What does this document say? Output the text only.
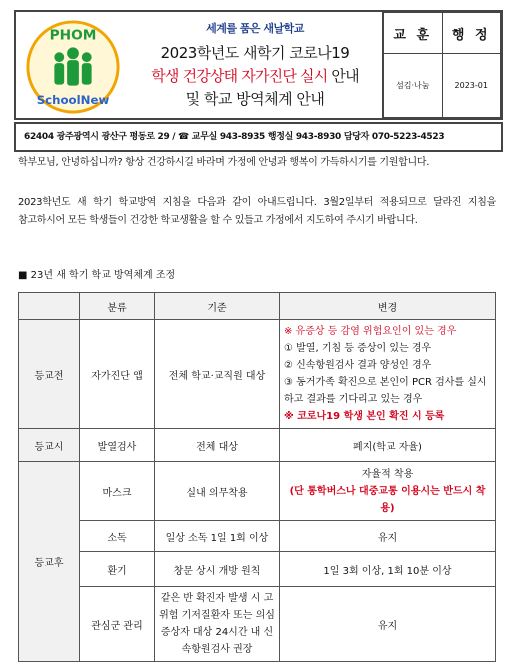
PHOM
SchoolNew
세계를 품은 새날학교
2023학년도 새학기 코로나19
학생 건강상태 자가진단 실시 안내
및 학교 방역체계 안내
교 훈	행 정
섬김·나눔	2023-01
62404 광주광역시 광산구 평동로 29 / ☎ 교무실 943-8935 행정실 943-8930 담당자 070-5223-4523
학부모님, 안녕하십니까? 항상 건강하시길 바라며 가정에 안녕과 행복이 가득하시기를 기원합니다.
2023학년도 새 학기 학교방역 지침을 다음과 같이 아내드립니다. 3월2일부터 적용되므로 달라진 지침을 참고하시어 모든 학생들이 건강한 학교생활을 할 수 있들고 가정에서 지도하여 주시기 바랍니다.
■ 23년 새 학기 학교 방역체계 조정
	분류	기준	변경
등교전	자가진단 앱	전체 학교·교직원 대상	※ 유증상 등 감염 위험요인이 있는 경우
① 발열, 기침 등 증상이 있는 경우
② 신속항원검사 결과 양성인 경우
③ 동거가족 확진으로 본인이 PCR 검사를 실시하고 결과를 기다리고 있는 경우
※ 코로나19 학생 본인 확진 시 등록

등교시	발열검사	전체 대상	폐지(학교 자율)
등교후	마스크	실내 의무착용	자율적 착용
(단 통학버스나 대중교통 이용시는 반드시 착용)

	소독	일상 소독 1일 1회 이상	유지
	환기	창문 상시 개방 원칙	1일 3회 이상, 1회 10분 이상
	관심군 관리	같은 반 확진자 발생 시 고위험 기저질환자 또는 의심증상자 대상 24시간 내 신속항원검사 권장	유지
